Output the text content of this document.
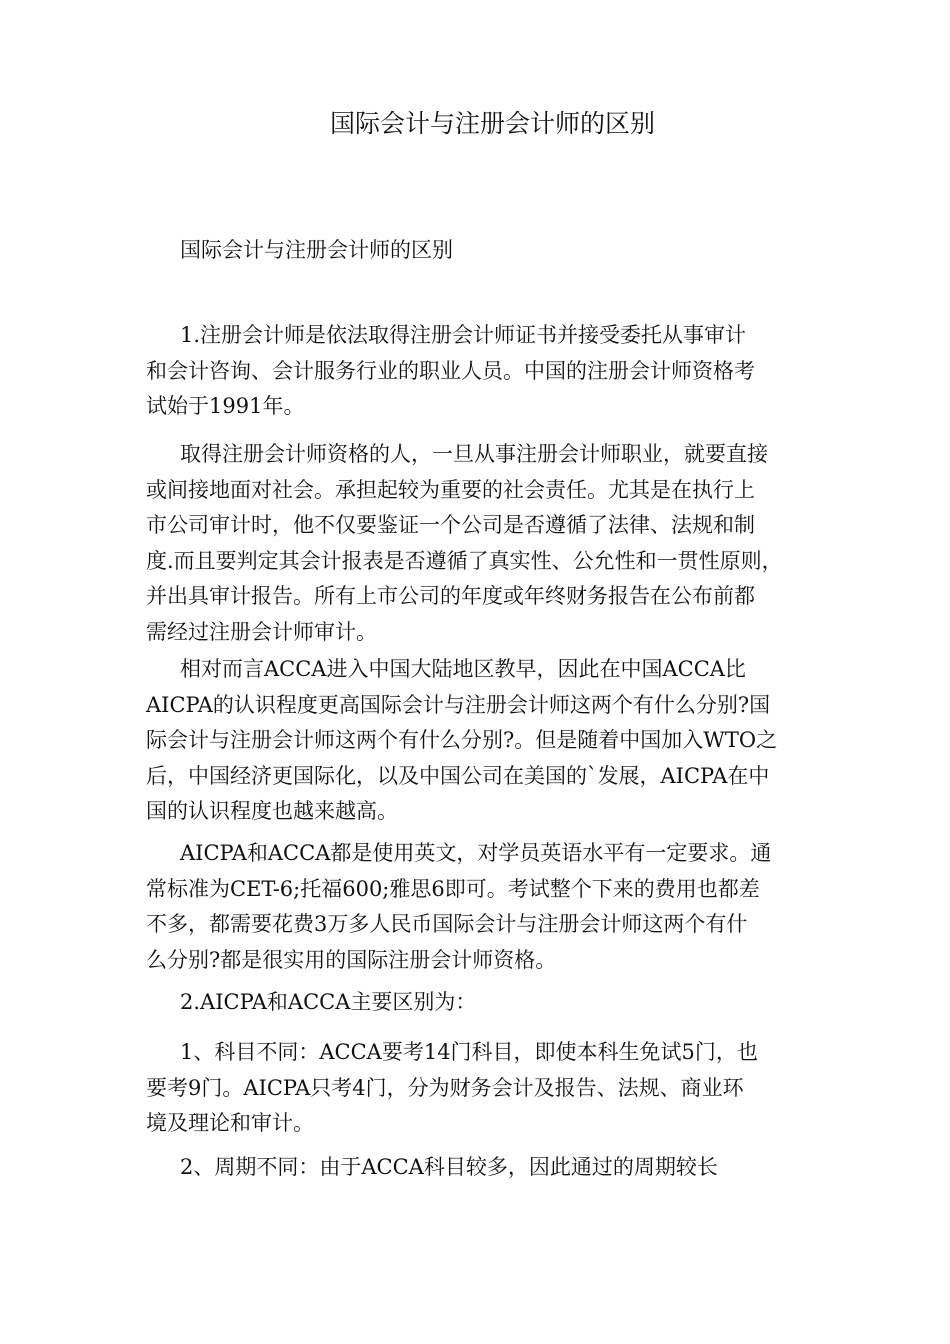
国际会计与注册会计师的区别
国际会计与注册会计师的区别
1.注册会计师是依法取得注册会计师证书并接受委托从事审计
和会计咨询、会计服务行业的职业人员。中国的注册会计师资格考
试始于1991年。
取得注册会计师资格的人，一旦从事注册会计师职业，就要直接
或间接地面对社会。承担起较为重要的社会责任。尤其是在执行上
市公司审计时，他不仅要鉴证一个公司是否遵循了法律、法规和制
度.而且要判定其会计报表是否遵循了真实性、公允性和一贯性原则，
并出具审计报告。所有上市公司的年度或年终财务报告在公布前都
需经过注册会计师审计。
相对而言ACCA进入中国大陆地区教早，因此在中国ACCA比
AICPA的认识程度更高国际会计与注册会计师这两个有什么分别?国
际会计与注册会计师这两个有什么分别?。但是随着中国加入WTO之
后，中国经济更国际化，以及中国公司在美国的`发展，AICPA在中
国的认识程度也越来越高。
AICPA和ACCA都是使用英文，对学员英语水平有一定要求。通
常标准为CET-6;托福600;雅思6即可。考试整个下来的费用也都差
不多，都需要花费3万多人民币国际会计与注册会计师这两个有什
么分别?都是很实用的国际注册会计师资格。
2.AICPA和ACCA主要区别为：
1、科目不同：ACCA要考14门科目，即使本科生免试5门，也
要考9门。AICPA只考4门，分为财务会计及报告、法规、商业环
境及理论和审计。
2、周期不同：由于ACCA科目较多，因此通过的周期较长
